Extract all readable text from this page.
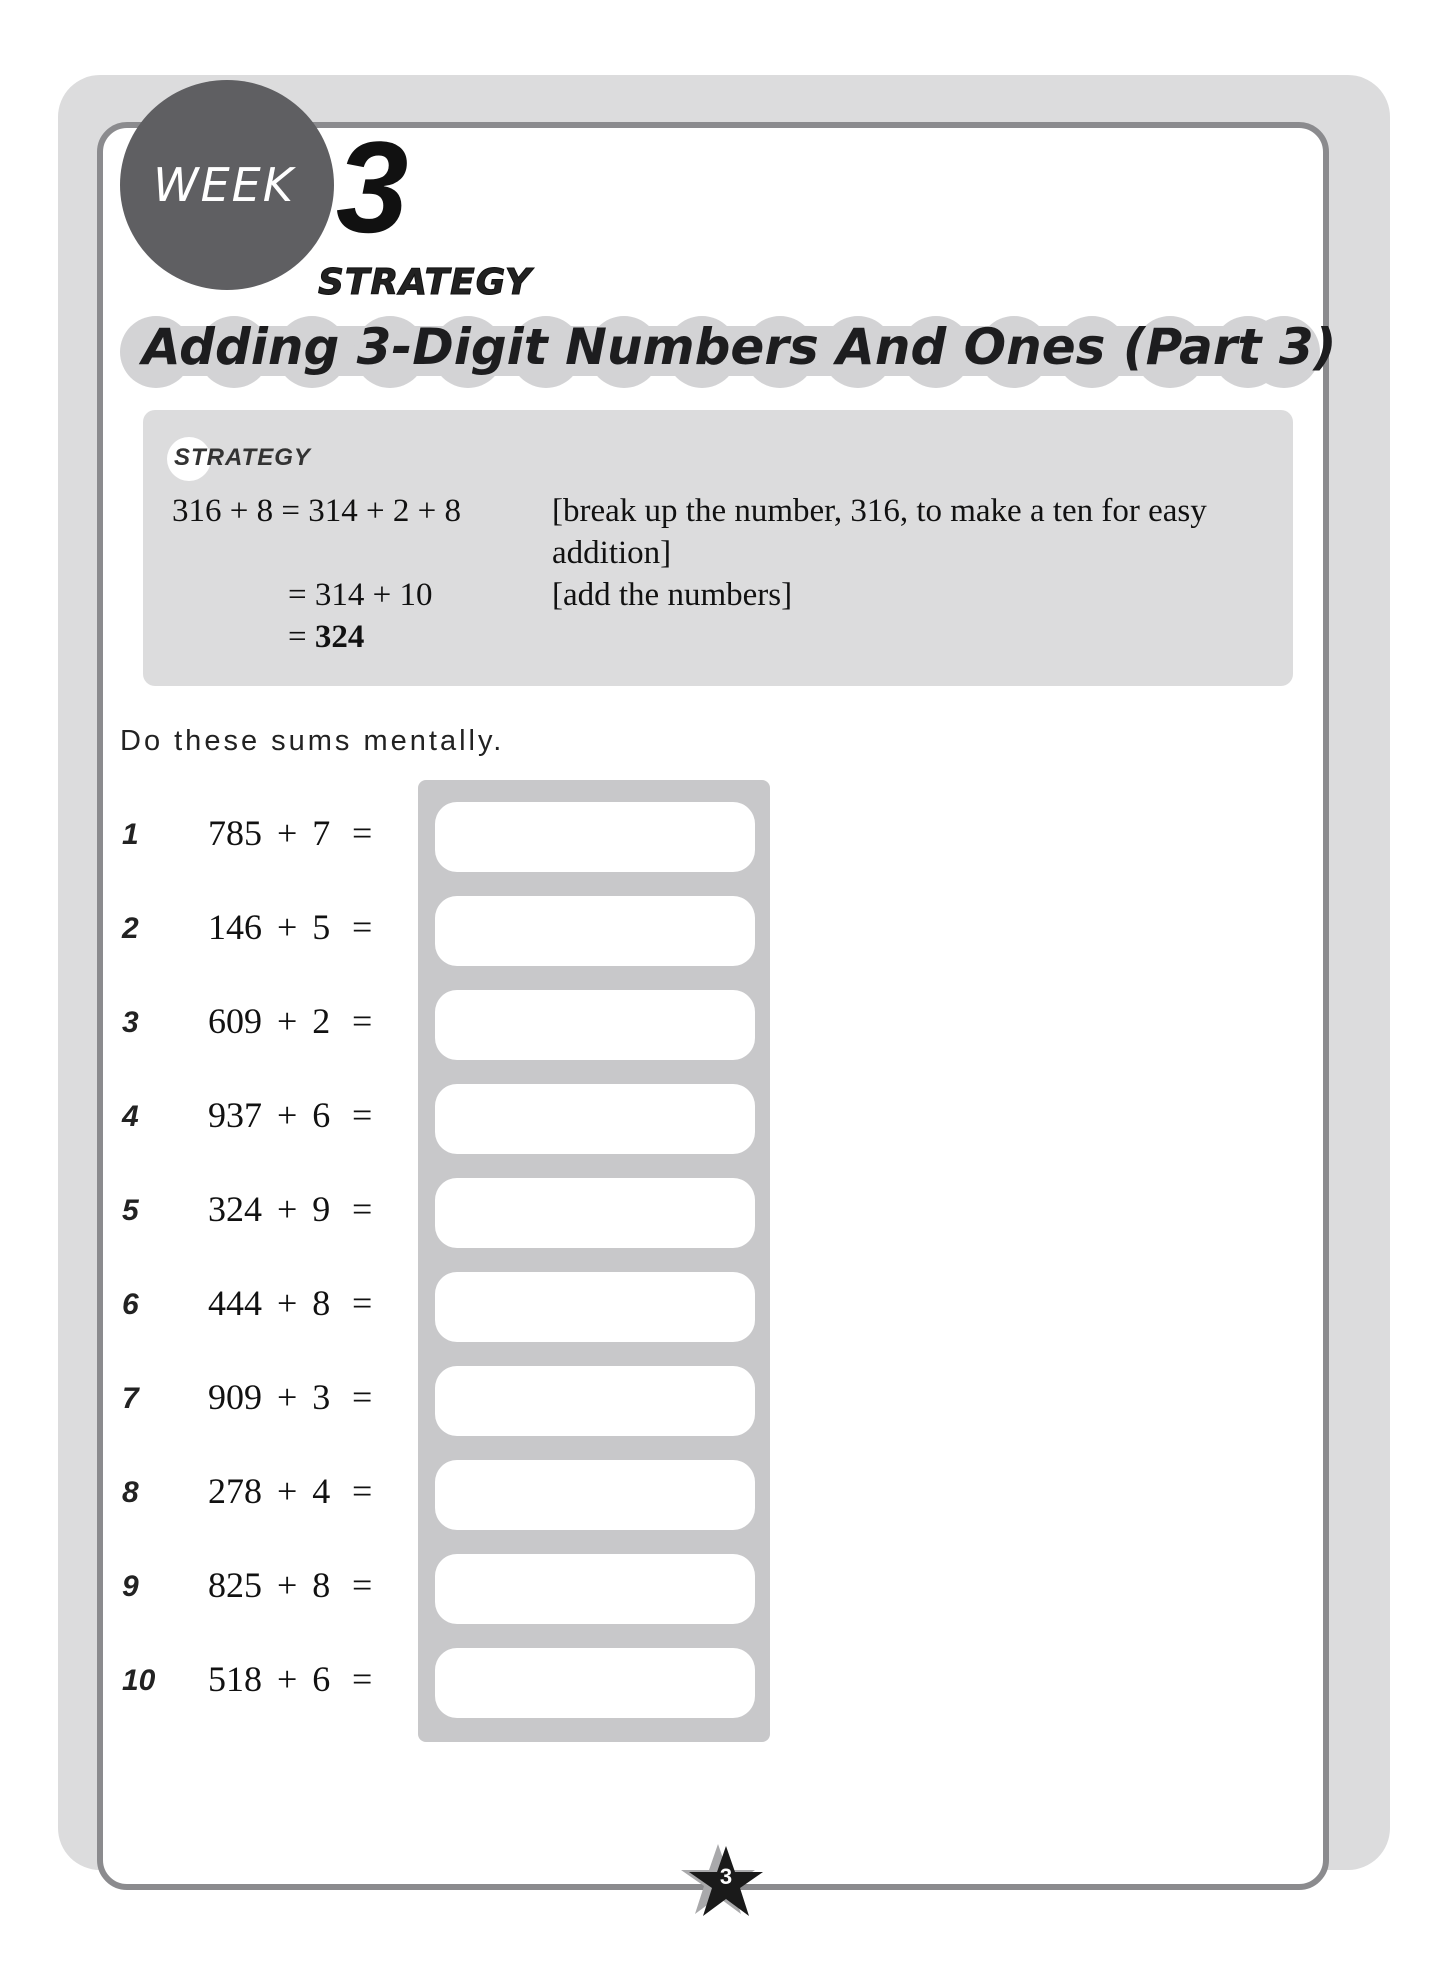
WEEK 3
STRATEGY
Adding 3-Digit Numbers And Ones (Part 3)
STRATEGY
316 + 8 = 314 + 2 + 8	[break up the number, 316, to make a ten for easy addition]
= 314 + 10	[add the numbers]
= 324
Do these sums mentally.
1 785 + 7 =
2 146 + 5 =
3 609 + 2 =
4 937 + 6 =
5 324 + 9 =
6 444 + 8 =
7 909 + 3 =
8 278 + 4 =
9 825 + 8 =
10 518 + 6 =
3
